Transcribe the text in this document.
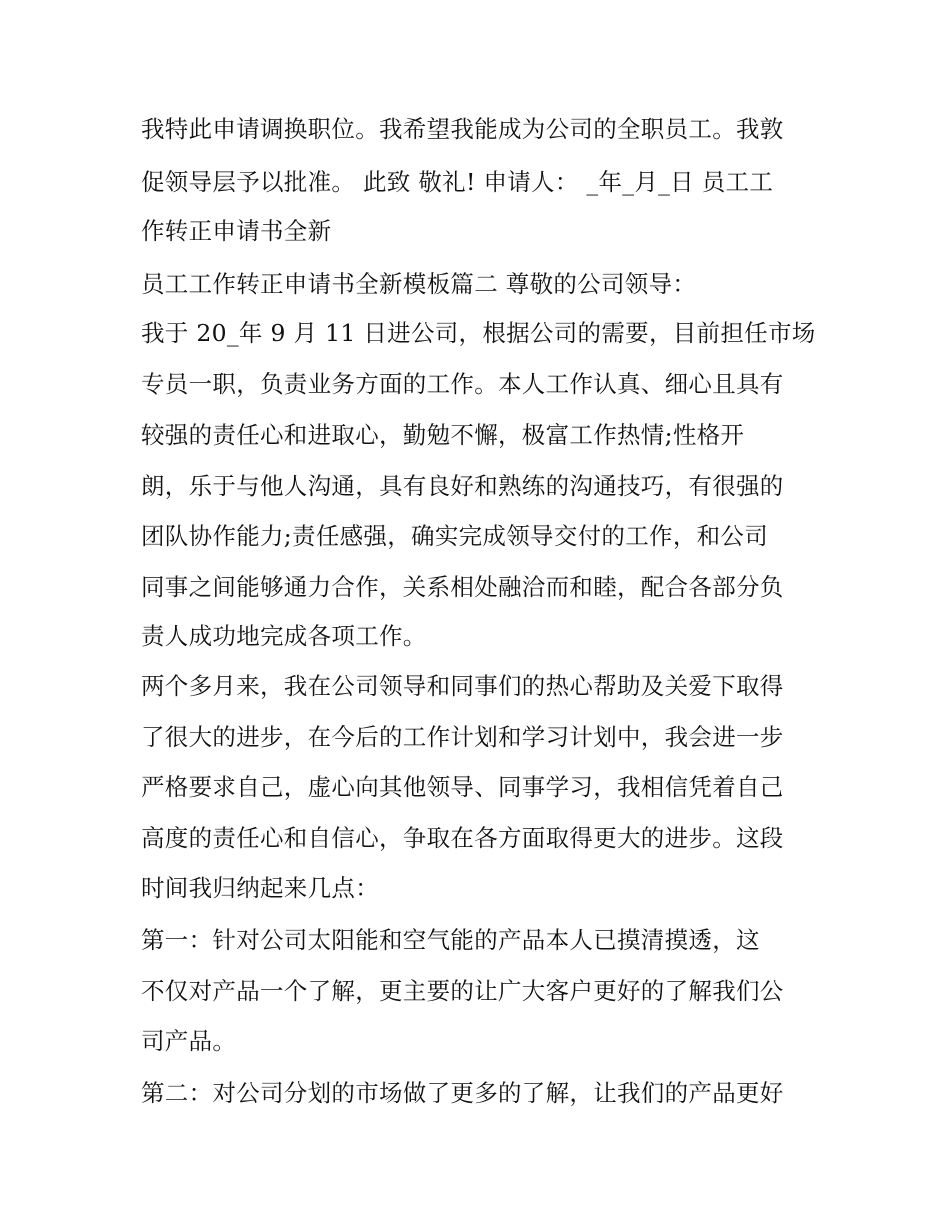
我特此申请调换职位。我希望我能成为公司的全职员工。我敦
促领导层予以批准。 此致 敬礼! 申请人： _年_月_日 员工工
作转正申请书全新
员工工作转正申请书全新模板篇二 尊敬的公司领导：
我于 20_年 9 月 11 日进公司，根据公司的需要，目前担任市场
专员一职，负责业务方面的工作。本人工作认真、细心且具有
较强的责任心和进取心，勤勉不懈，极富工作热情;性格开
朗，乐于与他人沟通，具有良好和熟练的沟通技巧，有很强的
团队协作能力;责任感强，确实完成领导交付的工作，和公司
同事之间能够通力合作，关系相处融洽而和睦，配合各部分负
责人成功地完成各项工作。
两个多月来，我在公司领导和同事们的热心帮助及关爱下取得
了很大的进步，在今后的工作计划和学习计划中，我会进一步
严格要求自己，虚心向其他领导、同事学习，我相信凭着自己
高度的责任心和自信心，争取在各方面取得更大的进步。这段
时间我归纳起来几点：
第一：针对公司太阳能和空气能的产品本人已摸清摸透，这
不仅对产品一个了解，更主要的让广大客户更好的了解我们公
司产品。
第二：对公司分划的市场做了更多的了解，让我们的产品更好
